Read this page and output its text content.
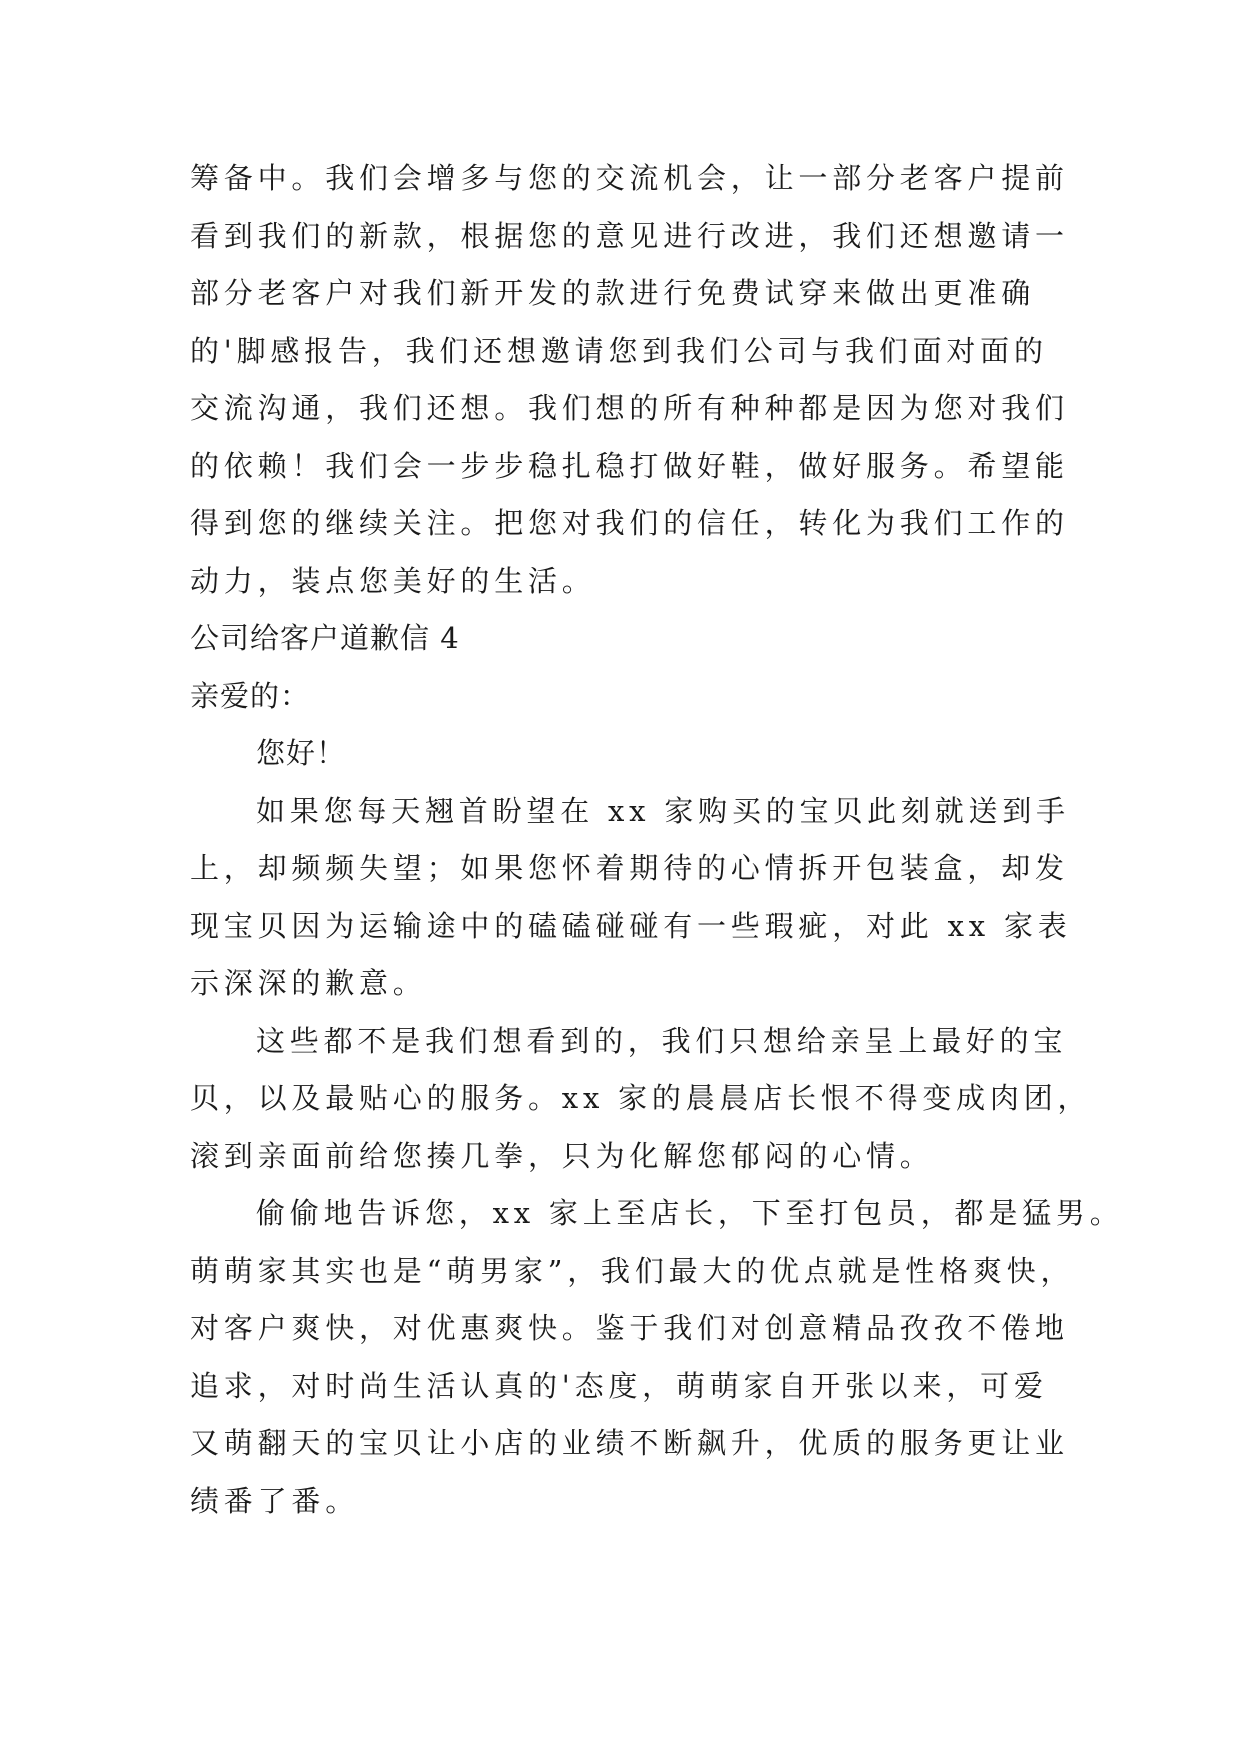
筹备中。我们会增多与您的交流机会，让一部分老客户提前
看到我们的新款，根据您的意见进行改进，我们还想邀请一
部分老客户对我们新开发的款进行免费试穿来做出更准确
的'脚感报告，我们还想邀请您到我们公司与我们面对面的
交流沟通，我们还想。我们想的所有种种都是因为您对我们
的依赖！我们会一步步稳扎稳打做好鞋，做好服务。希望能
得到您的继续关注。把您对我们的信任，转化为我们工作的
动力，装点您美好的生活。
公司给客户道歉信 4
亲爱的：
您好！
如果您每天翘首盼望在 xx 家购买的宝贝此刻就送到手
上，却频频失望；如果您怀着期待的心情拆开包装盒，却发
现宝贝因为运输途中的磕磕碰碰有一些瑕疵，对此 xx 家表
示深深的歉意。
这些都不是我们想看到的，我们只想给亲呈上最好的宝
贝，以及最贴心的服务。xx 家的晨晨店长恨不得变成肉团，
滚到亲面前给您揍几拳，只为化解您郁闷的心情。
偷偷地告诉您，xx 家上至店长，下至打包员，都是猛男。
萌萌家其实也是“萌男家”，我们最大的优点就是性格爽快，
对客户爽快，对优惠爽快。鉴于我们对创意精品孜孜不倦地
追求，对时尚生活认真的'态度，萌萌家自开张以来，可爱
又萌翻天的宝贝让小店的业绩不断飙升，优质的服务更让业
绩番了番。
